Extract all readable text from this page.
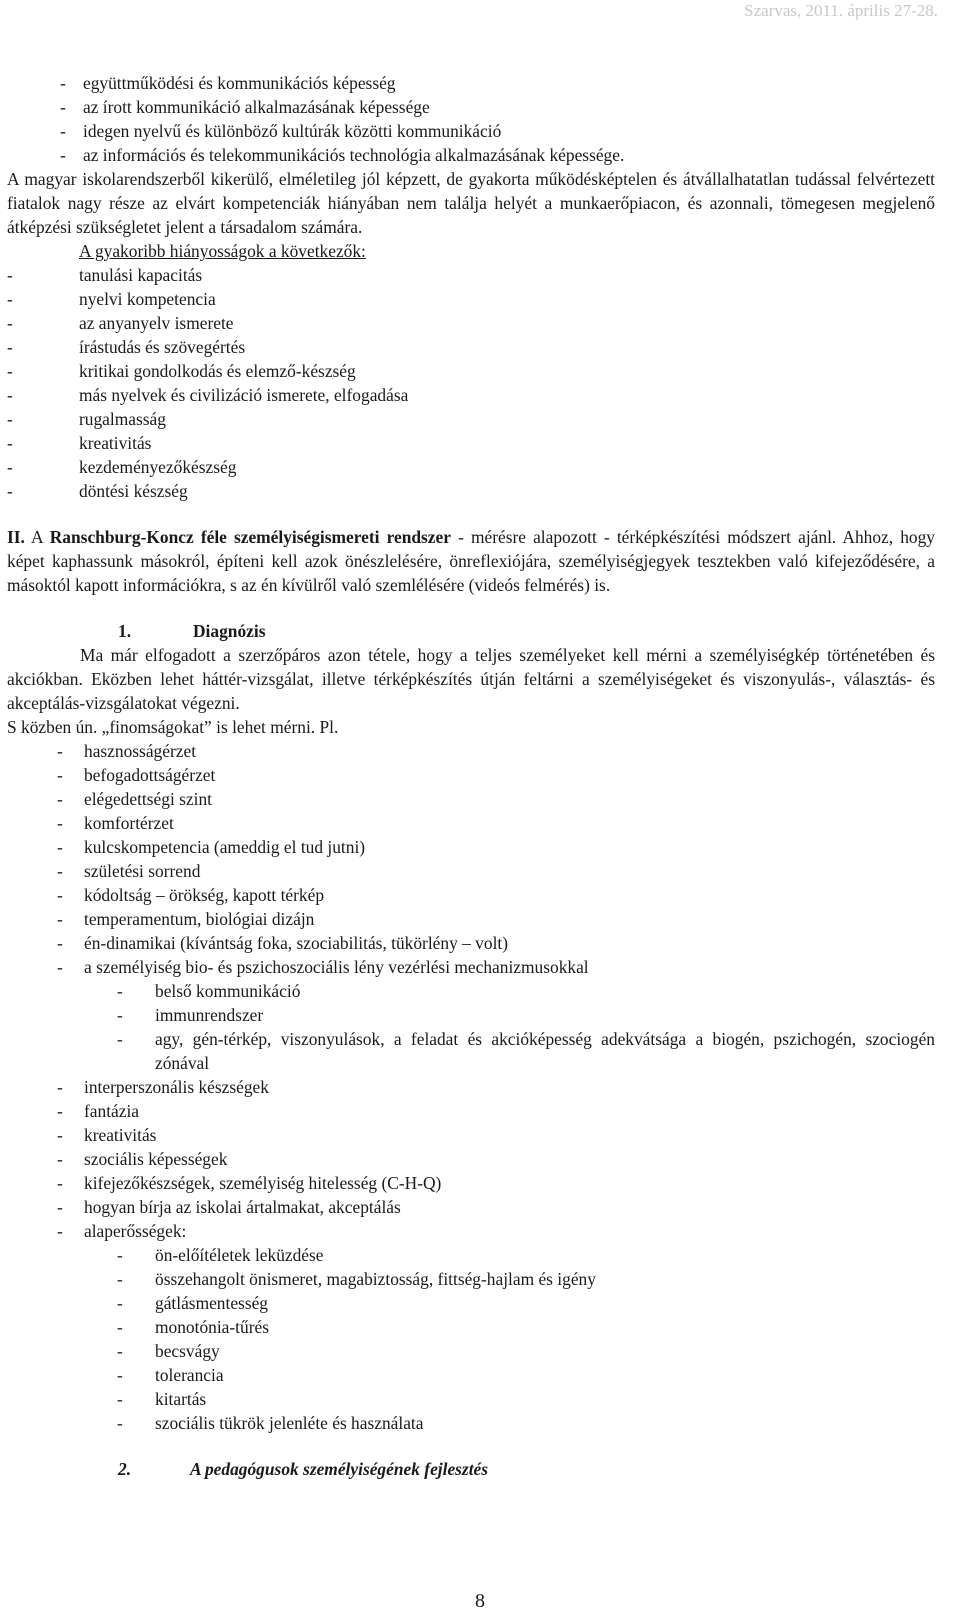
Szarvas, 2011. április 27-28.
- együttműködési és kommunikációs képesség
- az írott kommunikáció alkalmazásának képessége
- idegen nyelvű és különböző kultúrák közötti kommunikáció
- az információs és telekommunikációs technológia alkalmazásának képessége.
A magyar iskolarendszerből kikerülő, elméletileg jól képzett, de gyakorta működésképtelen és átvállalhatatlan tudással felvértezett fiatalok nagy része az elvárt kompetenciák hiányában nem találja helyét a munkaerőpiacon, és azonnali, tömegesen megjelenő átképzési szükségletet jelent a társadalom számára.
A gyakoribb hiányosságok a következők:
-	tanulási kapacitás
-	nyelvi kompetencia
-	az anyanyelv ismerete
-	írástudás és szövegértés
-	kritikai gondolkodás és elemző-készség
-	más nyelvek és civilizáció ismerete, elfogadása
-	rugalmasság
-	kreativitás
-	kezdeményezőkészség
-	döntési készség
II. A Ranschburg-Koncz féle személyiségismereti rendszer - mérésre alapozott - térképkészítési módszert ajánl. Ahhoz, hogy képet kaphassunk másokról, építeni kell azok önészlelésére, önreflexiójára, személyiségjegyek tesztekben való kifejeződésére, a másoktól kapott információkra, s az én kívülről való szemlélésére (videós felmérés) is.
1.	Diagnózis
Ma már elfogadott a szerzőpáros azon tétele, hogy a teljes személyeket kell mérni a személyiségkép történetében és akciókban. Eközben lehet háttér-vizsgálat, illetve térképkészítés útján feltárni a személyiségeket és viszonyulás-, választás- és akceptálás-vizsgálatokat végezni.
S közben ún. „finomságokat” is lehet mérni. Pl.
-	hasznosságérzet
-	befogadottságérzet
-	elégedettségi szint
-	komfortérzet
-	kulcskompetencia (ameddig el tud jutni)
-	születési sorrend
-	kódoltság – örökség, kapott térkép
-	temperamentum, biológiai dizájn
-	én-dinamikai (kívántság foka, szociabilitás, tükörlény – volt)
-	a személyiség bio- és pszichoszociális lény vezérlési mechanizmusokkal
-	belső kommunikáció
-	immunrendszer
-	agy, gén-térkép, viszonyulások, a feladat és akcióképesség adekvátsága a biogén, pszichogén, szociogén zónával
-	interperszonális készségek
-	fantázia
-	kreativitás
-	szociális képességek
-	kifejezőkészségek, személyiség hitelesség (C-H-Q)
-	hogyan bírja az iskolai ártalmakat, akceptálás
-	alaperősségek:
-	ön-előítéletek leküzdése
-	összehangolt önismeret, magabiztosság, fittség-hajlam és igény
-	gátlásmentesség
-	monotónia-tűrés
-	becsvágy
-	tolerancia
-	kitartás
-	szociális tükrök jelenléte és használata
2.	A pedagógusok személyiségének fejlesztés
8
